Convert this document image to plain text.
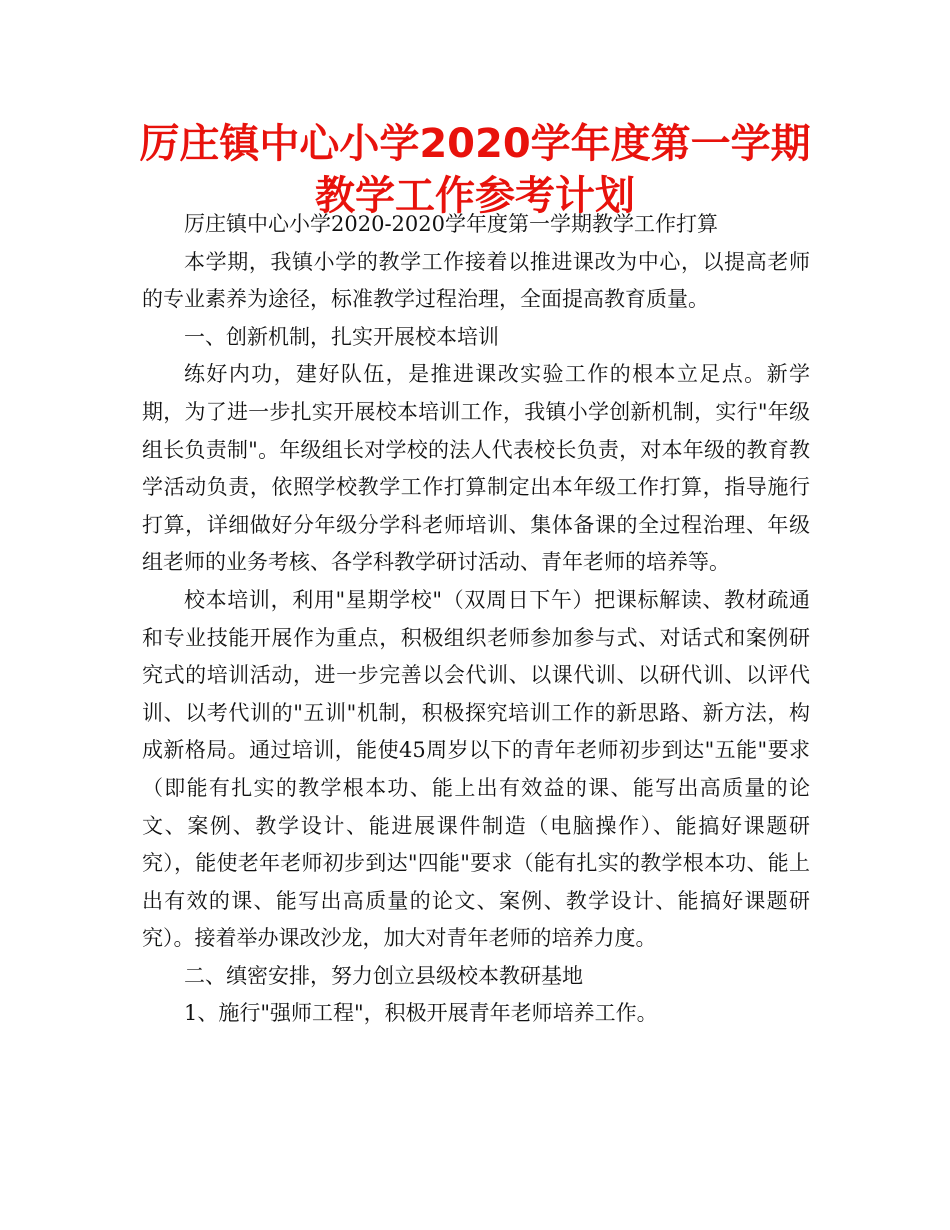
厉庄镇中心小学2020学年度第一学期教学工作参考计划

厉庄镇中心小学2020-2020学年度第一学期教学工作打算

本学期，我镇小学的教学工作接着以推进课改为中心，以提高老师的专业素养为途径，标准教学过程治理，全面提高教育质量。

一、创新机制，扎实开展校本培训

练好内功，建好队伍，是推进课改实验工作的根本立足点。新学期，为了进一步扎实开展校本培训工作，我镇小学创新机制，实行"年级组长负责制"。年级组长对学校的法人代表校长负责，对本年级的教育教学活动负责，依照学校教学工作打算制定出本年级工作打算，指导施行打算，详细做好分年级分学科老师培训、集体备课的全过程治理、年级组老师的业务考核、各学科教学研讨活动、青年老师的培养等。

校本培训，利用"星期学校"（双周日下午）把课标解读、教材疏通和专业技能开展作为重点，积极组织老师参加参与式、对话式和案例研究式的培训活动，进一步完善以会代训、以课代训、以研代训、以评代训、以考代训的"五训"机制，积极探究培训工作的新思路、新方法，构成新格局。通过培训，能使45周岁以下的青年老师初步到达"五能"要求（即能有扎实的教学根本功、能上出有效益的课、能写出高质量的论文、案例、教学设计、能进展课件制造（电脑操作）、能搞好课题研究），能使老年老师初步到达"四能"要求（能有扎实的教学根本功、能上出有效的课、能写出高质量的论文、案例、教学设计、能搞好课题研究）。接着举办课改沙龙，加大对青年老师的培养力度。

二、缜密安排，努力创立县级校本教研基地

1、施行"强师工程"，积极开展青年老师培养工作。
